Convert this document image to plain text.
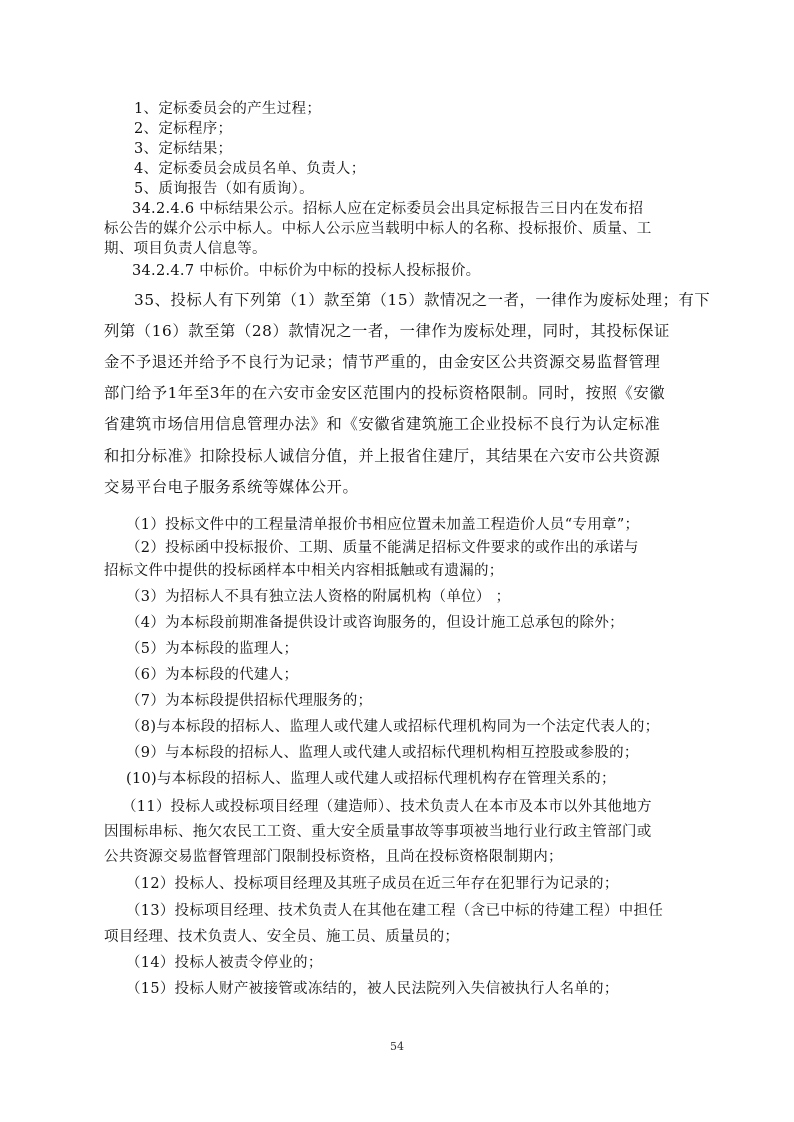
1、定标委员会的产生过程；
2、定标程序；
3、定标结果；
4、定标委员会成员名单、负责人；
5、质询报告（如有质询）。
34.2.4.6 中标结果公示。招标人应在定标委员会出具定标报告三日内在发布招
标公告的媒介公示中标人。中标人公示应当载明中标人的名称、投标报价、质量、工
期、项目负责人信息等。
34.2.4.7 中标价。中标价为中标的投标人投标报价。
35、投标人有下列第（1）款至第（15）款情况之一者，一律作为废标处理；有下
列第（16）款至第（28）款情况之一者，一律作为废标处理，同时，其投标保证
金不予退还并给予不良行为记录；情节严重的，由金安区公共资源交易监督管理
部门给予1年至3年的在六安市金安区范围内的投标资格限制。同时，按照《安徽
省建筑市场信用信息管理办法》和《安徽省建筑施工企业投标不良行为认定标准
和扣分标准》扣除投标人诚信分值，并上报省住建厅，其结果在六安市公共资源
交易平台电子服务系统等媒体公开。
（1）投标文件中的工程量清单报价书相应位置未加盖工程造价人员“专用章”；
（2）投标函中投标报价、工期、质量不能满足招标文件要求的或作出的承诺与
招标文件中提供的投标函样本中相关内容相抵触或有遗漏的；
（3）为招标人不具有独立法人资格的附属机构（单位） ；
（4）为本标段前期准备提供设计或咨询服务的，但设计施工总承包的除外；
（5）为本标段的监理人；
（6）为本标段的代建人；
（7）为本标段提供招标代理服务的；
（8)与本标段的招标人、监理人或代建人或招标代理机构同为一个法定代表人的；
（9）与本标段的招标人、监理人或代建人或招标代理机构相互控股或参股的；
(10)与本标段的招标人、监理人或代建人或招标代理机构存在管理关系的；
（11）投标人或投标项目经理（建造师）、技术负责人在本市及本市以外其他地方
因围标串标、拖欠农民工工资、重大安全质量事故等事项被当地行业行政主管部门或
公共资源交易监督管理部门限制投标资格，且尚在投标资格限制期内；
（12）投标人、投标项目经理及其班子成员在近三年存在犯罪行为记录的；
（13）投标项目经理、技术负责人在其他在建工程（含已中标的待建工程）中担任
项目经理、技术负责人、安全员、施工员、质量员的；
（14）投标人被责令停业的；
（15）投标人财产被接管或冻结的，被人民法院列入失信被执行人名单的；
54
